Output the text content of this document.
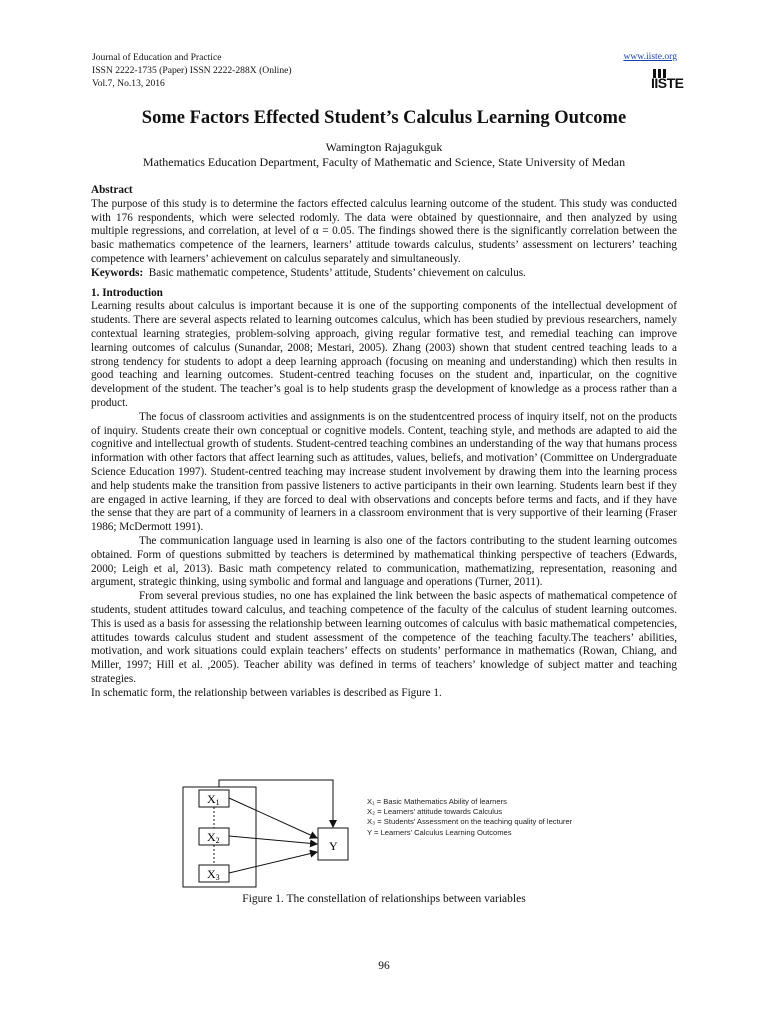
Journal of Education and Practice
ISSN 2222-1735 (Paper) ISSN 2222-288X (Online)
Vol.7, No.13, 2016
www.iiste.org
IISTE
Some Factors Effected Student’s Calculus Learning Outcome
Wamington Rajagukguk
Mathematics Education Department, Faculty of Mathematic and Science, State University of Medan

Abstract

The purpose of this study is to determine the factors effected calculus learning outcome of the student. This study was conducted with 176 respondents, which were selected rodomly. The data were obtained by questionnaire, and then analyzed by using multiple regressions, and correlation, at level of α = 0.05. The findings showed there is the significantly correlation between the basic mathematics competence of the learners, learners’ attitude towards calculus, students’ assessment on lecturers’ teaching competence with learners’ achievement on calculus separately and simultaneously.

Keywords: Basic mathematic competence, Students’ attitude, Students’ chievement on calculus.

1. Introduction

Learning results about calculus is important because it is one of the supporting components of the intellectual development of students. There are several aspects related to learning outcomes calculus, which has been studied by previous researchers, namely contextual learning strategies, problem-solving approach, giving regular formative test, and remedial teaching can improve learning outcomes of calculus (Sunandar, 2008; Mestari, 2005). Zhang (2003) shown that student centred teaching leads to a strong tendency for students to adopt a deep learning approach (focusing on meaning and understanding) which then results in good teaching and learning outcomes. Student-centred teaching focuses on the student and, inparticular, on the cognitive development of the student. The teacher’s goal is to help students grasp the development of knowledge as a process rather than a product.

The focus of classroom activities and assignments is on the studentcentred process of inquiry itself, not on the products of inquiry. Students create their own conceptual or cognitive models. Content, teaching style, and methods are adapted to aid the cognitive and intellectual growth of students. Student-centred teaching combines an understanding of the way that humans process information with other factors that affect learning such as attitudes, values, beliefs, and motivation’ (Committee on Undergraduate Science Education 1997). Student-centred teaching may increase student involvement by drawing them into the learning process and help students make the transition from passive listeners to active participants in their own learning. Students learn best if they are engaged in active learning, if they are forced to deal with observations and concepts before terms and facts, and if they have the sense that they are part of a community of learners in a classroom environment that is very supportive of their learning (Fraser 1986; McDermott 1991).

The communication language used in learning is also one of the factors contributing to the student learning outcomes obtained. Form of questions submitted by teachers is determined by mathematical thinking perspective of teachers (Edwards, 2000; Leigh et al, 2013). Basic math competency related to communication, mathematizing, representation, reasoning and argument, strategic thinking, using symbolic and formal and language and operations (Turner, 2011).

From several previous studies, no one has explained the link between the basic aspects of mathematical competence of students, student attitudes toward calculus, and teaching competence of the faculty of the calculus of student learning outcomes. This is used as a basis for assessing the relationship between learning outcomes of calculus with basic mathematical competencies, attitudes towards calculus student and student assessment of the competence of the teaching faculty.The teachers’ abilities, motivation, and work situations could explain teachers’ effects on students’ performance in mathematics (Rowan, Chiang, and Miller, 1997; Hill et al. ,2005). Teacher ability was defined in terms of teachers’ knowledge of subject matter and teaching strategies.

In schematic form, the relationship between variables is described as Figure 1.

X1
X2
X3
Y
X₁ = Basic Mathematics Ability of learners
X₂ = Learners’ attitude towards Calculus
X₃ = Students’ Assessment on the teaching quality of lecturer
Y = Learners’ Calculus Learning Outcomes
Figure 1. The constellation of relationships between variables
96
